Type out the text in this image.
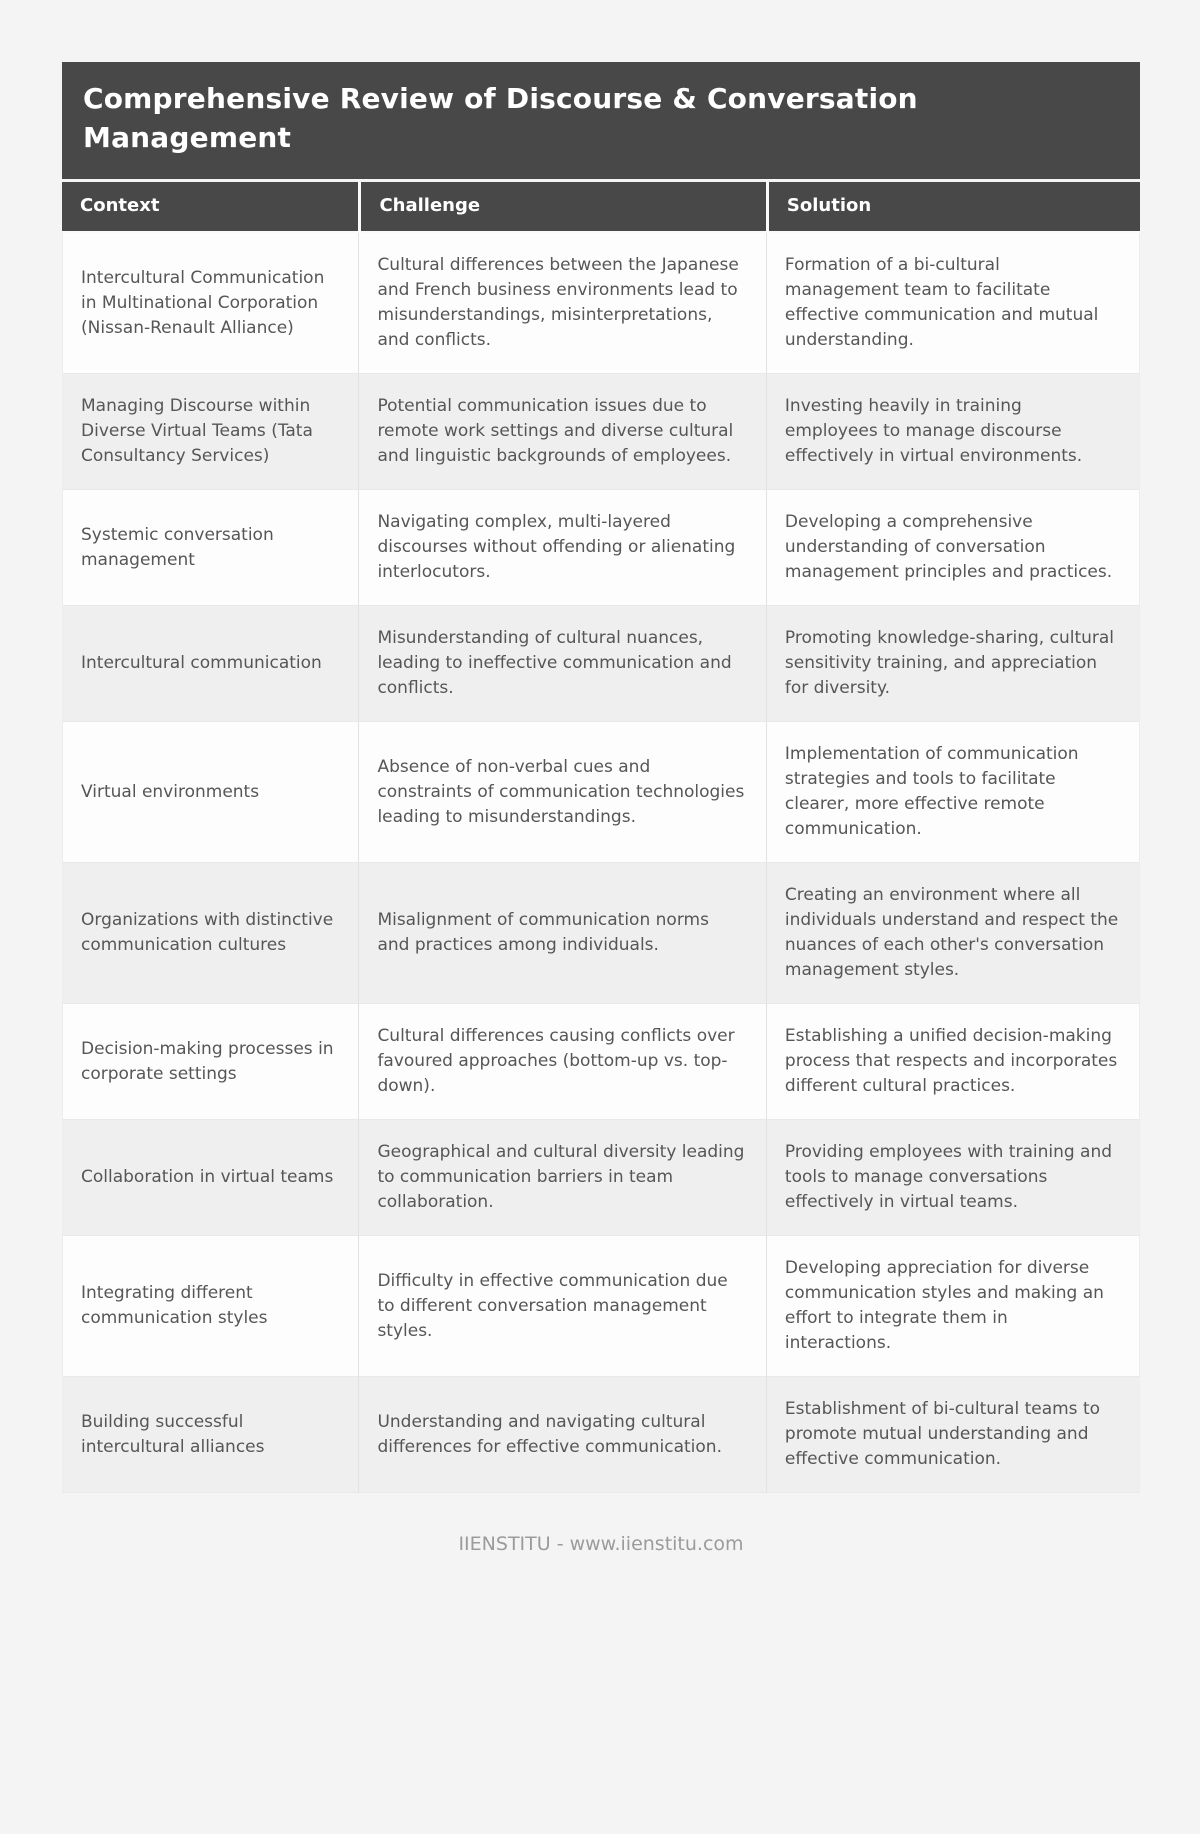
Comprehensive Review of Discourse & Conversation Management
Context	Challenge	Solution
Intercultural Communication in Multinational Corporation (Nissan-Renault Alliance)	Cultural differences between the Japanese and French business environments lead to misunderstandings, misinterpretations, and conflicts.	Formation of a bi-cultural management team to facilitate effective communication and mutual understanding.
Managing Discourse within Diverse Virtual Teams (Tata Consultancy Services)	Potential communication issues due to remote work settings and diverse cultural and linguistic backgrounds of employees.	Investing heavily in training employees to manage discourse effectively in virtual environments.
Systemic conversation management	Navigating complex, multi-layered discourses without offending or alienating interlocutors.	Developing a comprehensive understanding of conversation management principles and practices.
Intercultural communication	Misunderstanding of cultural nuances, leading to ineffective communication and conflicts.	Promoting knowledge-sharing, cultural sensitivity training, and appreciation for diversity.
Virtual environments	Absence of non-verbal cues and constraints of communication technologies leading to misunderstandings.	Implementation of communication strategies and tools to facilitate clearer, more effective remote communication.
Organizations with distinctive communication cultures	Misalignment of communication norms and practices among individuals.	Creating an environment where all individuals understand and respect the nuances of each other's conversation management styles.
Decision-making processes in corporate settings	Cultural differences causing conflicts over favoured approaches (bottom-up vs. top-down).	Establishing a unified decision-making process that respects and incorporates different cultural practices.
Collaboration in virtual teams	Geographical and cultural diversity leading to communication barriers in team collaboration.	Providing employees with training and tools to manage conversations effectively in virtual teams.
Integrating different communication styles	Difficulty in effective communication due to different conversation management styles.	Developing appreciation for diverse communication styles and making an effort to integrate them in interactions.
Building successful intercultural alliances	Understanding and navigating cultural differences for effective communication.	Establishment of bi-cultural teams to promote mutual understanding and effective communication.
IIENSTITU - www.iienstitu.com
